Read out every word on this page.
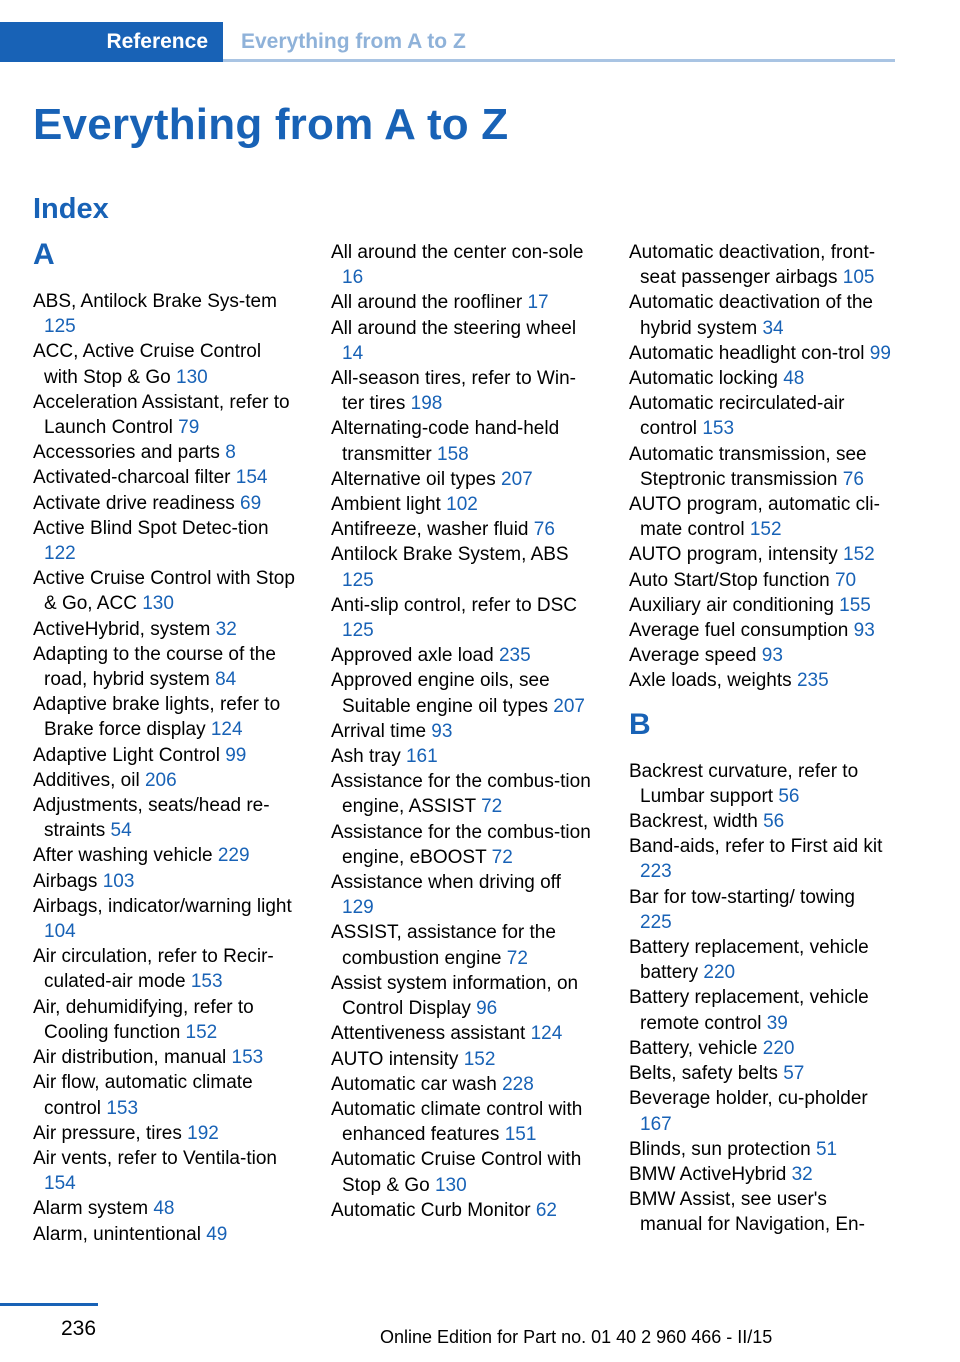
Reference Everything from A to Z
Everything from A to Z
Index
A
ABS, Antilock Brake Sys-tem 125
ACC, Active Cruise Control with Stop & Go 130
Acceleration Assistant, refer to Launch Control 79
Accessories and parts 8
Activated-charcoal filter 154
Activate drive readiness 69
Active Blind Spot Detec-tion 122
Active Cruise Control with Stop & Go, ACC 130
ActiveHybrid, system 32
Adapting to the course of the road, hybrid system 84
Adaptive brake lights, refer to Brake force display 124
Adaptive Light Control 99
Additives, oil 206
Adjustments, seats/head re-straints 54
After washing vehicle 229
Airbags 103
Airbags, indicator/warning light 104
Air circulation, refer to Recir-culated-air mode 153
Air, dehumidifying, refer to Cooling function 152
Air distribution, manual 153
Air flow, automatic climate control 153
Air pressure, tires 192
Air vents, refer to Ventila-tion 154
Alarm system 48
Alarm, unintentional 49
All around the center con-sole 16
All around the roofliner 17
All around the steering wheel 14
All-season tires, refer to Win-ter tires 198
Alternating-code hand-held transmitter 158
Alternative oil types 207
Ambient light 102
Antifreeze, washer fluid 76
Antilock Brake System, ABS 125
Anti-slip control, refer to DSC 125
Approved axle load 235
Approved engine oils, see Suitable engine oil types 207
Arrival time 93
Ash tray 161
Assistance for the combus-tion engine, ASSIST 72
Assistance for the combus-tion engine, eBOOST 72
Assistance when driving off 129
ASSIST, assistance for the combustion engine 72
Assist system information, on Control Display 96
Attentiveness assistant 124
AUTO intensity 152
Automatic car wash 228
Automatic climate control with enhanced features 151
Automatic Cruise Control with Stop & Go 130
Automatic Curb Monitor 62
Automatic deactivation, front-seat passenger airbags 105
Automatic deactivation of the hybrid system 34
Automatic headlight con-trol 99
Automatic locking 48
Automatic recirculated-air control 153
Automatic transmission, see Steptronic transmission 76
AUTO program, automatic cli-mate control 152
AUTO program, intensity 152
Auto Start/Stop function 70
Auxiliary air conditioning 155
Average fuel consumption 93
Average speed 93
Axle loads, weights 235
B
Backrest curvature, refer to Lumbar support 56
Backrest, width 56
Band-aids, refer to First aid kit 223
Bar for tow-starting/ towing 225
Battery replacement, vehicle battery 220
Battery replacement, vehicle remote control 39
Battery, vehicle 220
Belts, safety belts 57
Beverage holder, cu-pholder 167
Blinds, sun protection 51
BMW ActiveHybrid 32
BMW Assist, see user's manual for Navigation, En-
236	Online Edition for Part no. 01 40 2 960 466 - II/15
